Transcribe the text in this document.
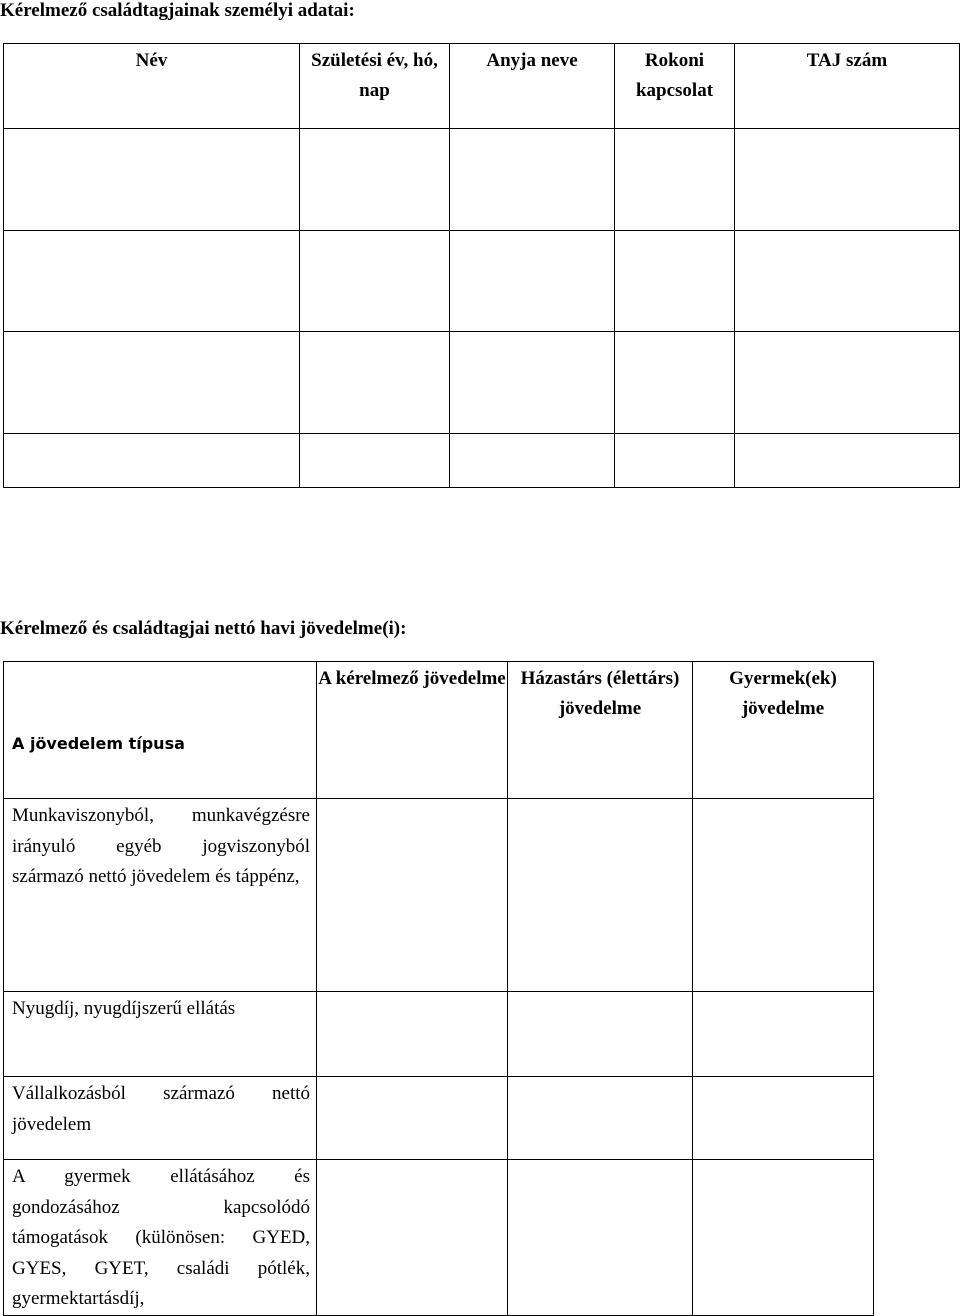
Kérelmező családtagjainak személyi adatai:
Név	Születési év, hó, nap	Anyja neve	Rokoni kapcsolat	TAJ szám

Kérelmező és családtagjai nettó havi jövedelme(i):
A jövedelem típusa	A kérelmező jövedelme	Házastárs (élettárs) jövedelme	Gyermek(ek) jövedelme
Munkaviszonyból, munkavégzésre irányuló egyéb jogviszonyból származó nettó jövedelem és táppénz,			
Nyugdíj, nyugdíjszerű ellátás			
Vállalkozásból származó nettó jövedelem			
A gyermek ellátásához és gondozásához kapcsolódó támogatások (különösen: GYED, GYES, GYET, családi pótlék, gyermektartásdíj,			
